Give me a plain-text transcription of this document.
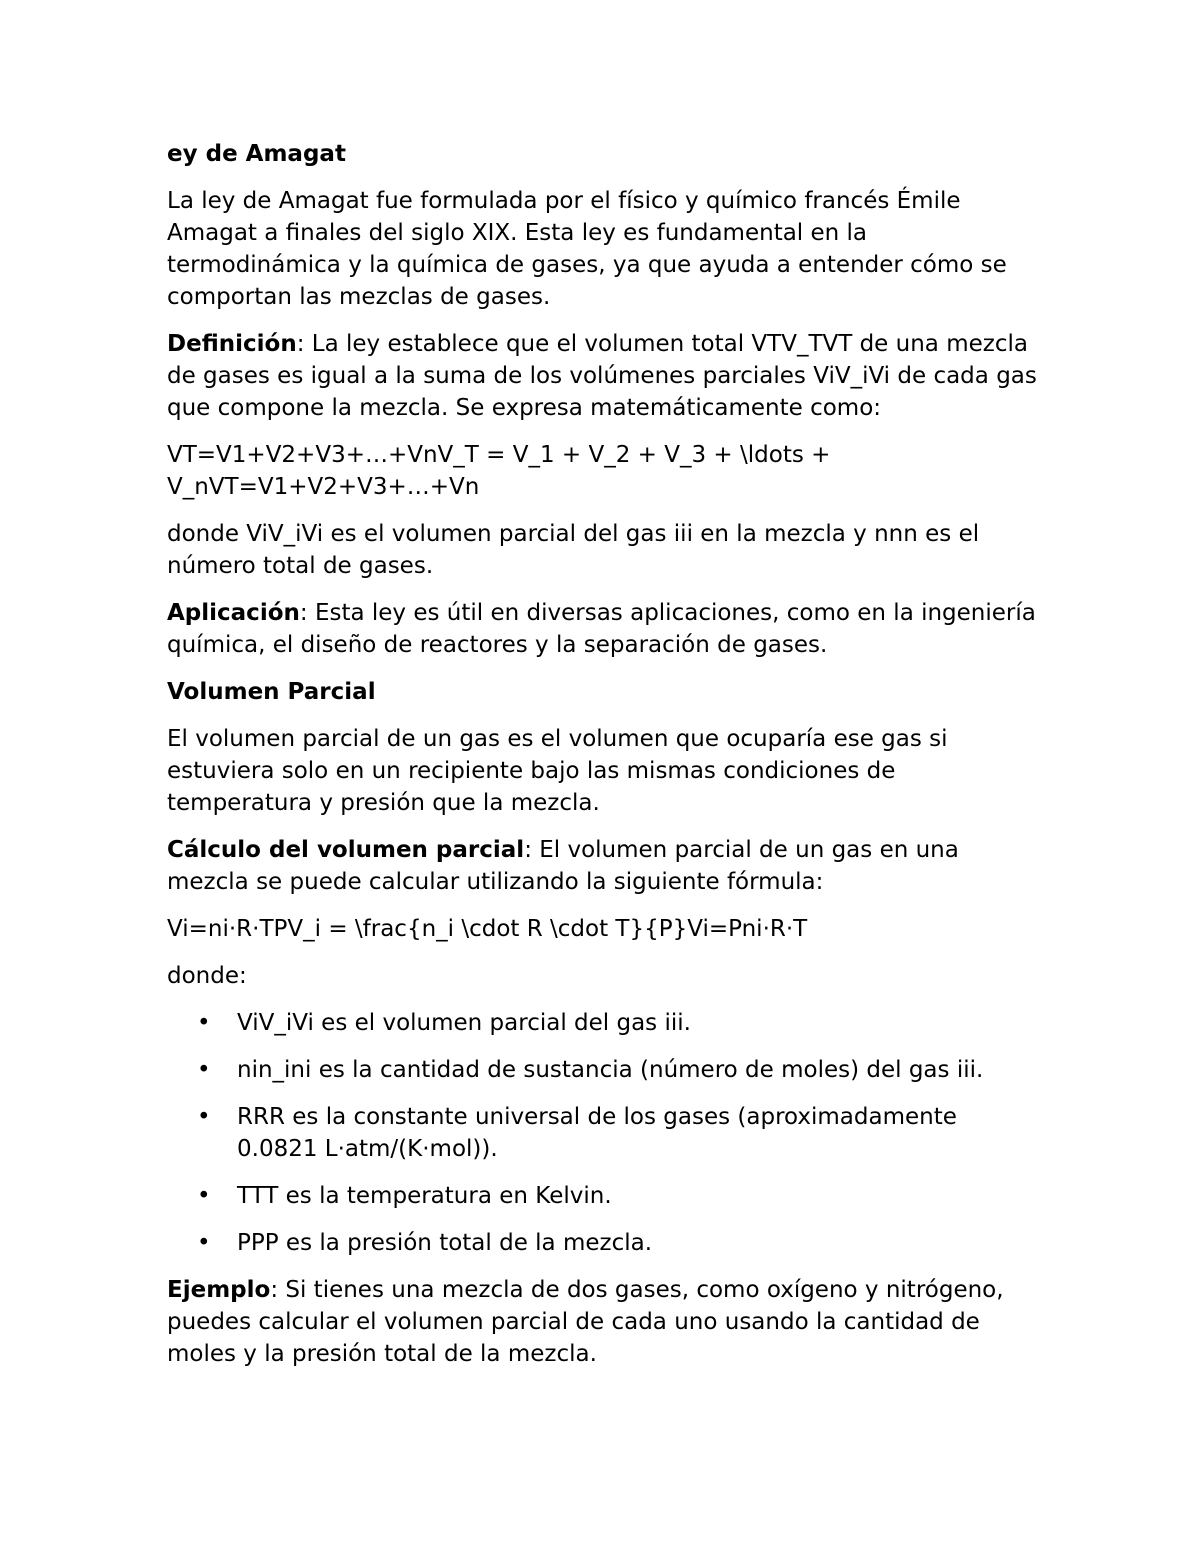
ey de Amagat

La ley de Amagat fue formulada por el físico y químico francés Émile Amagat a finales del siglo XIX. Esta ley es fundamental en la termodinámica y la química de gases, ya que ayuda a entender cómo se comportan las mezclas de gases.

Definición: La ley establece que el volumen total VTV_TVT de una mezcla de gases es igual a la suma de los volúmenes parciales ViV_iVi de cada gas que compone la mezcla. Se expresa matemáticamente como:

VT=V1+V2+V3+…+VnV_T = V_1 + V_2 + V_3 + \ldots + V_nVT=V1+V2+V3+…+Vn

donde ViV_iVi es el volumen parcial del gas iii en la mezcla y nnn es el número total de gases.

Aplicación: Esta ley es útil en diversas aplicaciones, como en la ingeniería química, el diseño de reactores y la separación de gases.

Volumen Parcial

El volumen parcial de un gas es el volumen que ocuparía ese gas si estuviera solo en un recipiente bajo las mismas condiciones de temperatura y presión que la mezcla.

Cálculo del volumen parcial: El volumen parcial de un gas en una mezcla se puede calcular utilizando la siguiente fórmula:

Vi=ni⋅R⋅TPV_i = \frac{n_i \cdot R \cdot T}{P}Vi=Pni⋅R⋅T

donde:

• ViV_iVi es el volumen parcial del gas iii.
• nin_ini es la cantidad de sustancia (número de moles) del gas iii.
• RRR es la constante universal de los gases (aproximadamente 0.0821 L·atm/(K·mol)).
• TTT es la temperatura en Kelvin.
• PPP es la presión total de la mezcla.

Ejemplo: Si tienes una mezcla de dos gases, como oxígeno y nitrógeno, puedes calcular el volumen parcial de cada uno usando la cantidad de moles y la presión total de la mezcla.
